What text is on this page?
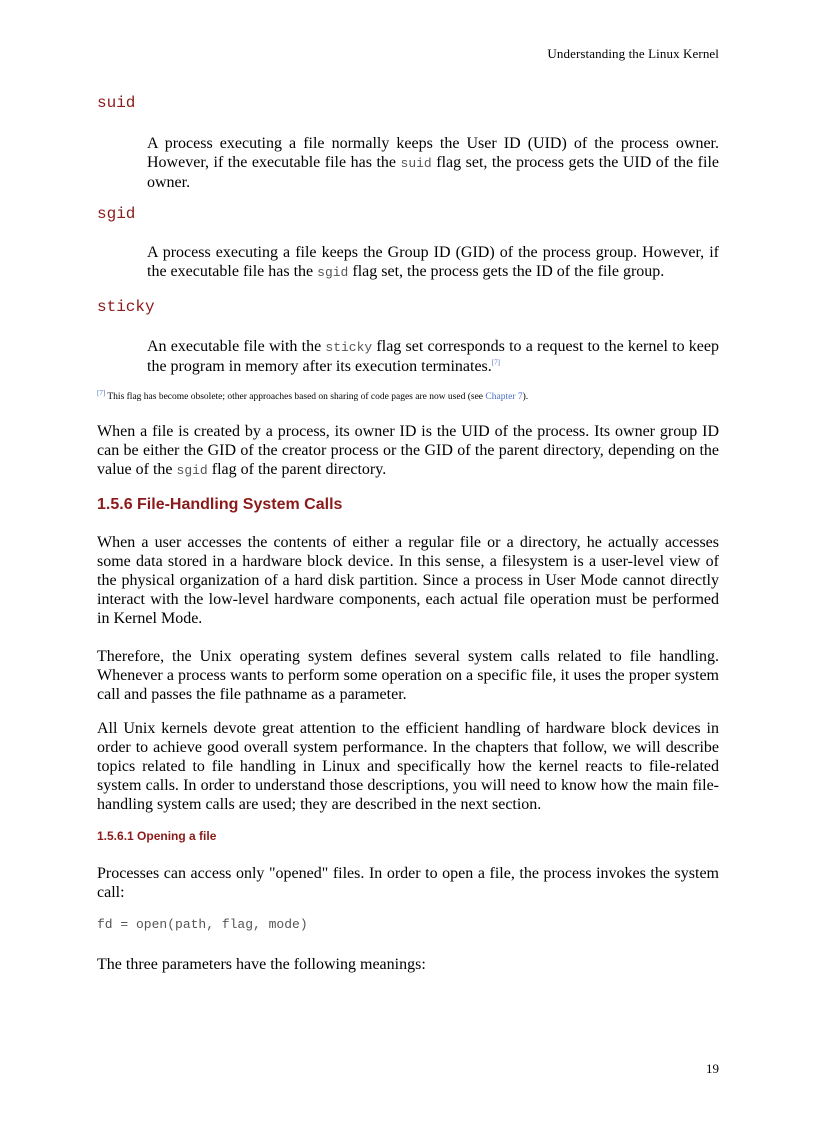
Understanding the Linux Kernel
suid
A process executing a file normally keeps the User ID (UID) of the process owner. However, if the executable file has the suid flag set, the process gets the UID of the file owner.
sgid
A process executing a file keeps the Group ID (GID) of the process group. However, if the executable file has the sgid flag set, the process gets the ID of the file group.
sticky
An executable file with the sticky flag set corresponds to a request to the kernel to keep the program in memory after its execution terminates.[7]
[7] This flag has become obsolete; other approaches based on sharing of code pages are now used (see Chapter 7).
When a file is created by a process, its owner ID is the UID of the process. Its owner group ID can be either the GID of the creator process or the GID of the parent directory, depending on the value of the sgid flag of the parent directory.
1.5.6 File-Handling System Calls
When a user accesses the contents of either a regular file or a directory, he actually accesses some data stored in a hardware block device. In this sense, a filesystem is a user-level view of the physical organization of a hard disk partition. Since a process in User Mode cannot directly interact with the low-level hardware components, each actual file operation must be performed in Kernel Mode.
Therefore, the Unix operating system defines several system calls related to file handling. Whenever a process wants to perform some operation on a specific file, it uses the proper system call and passes the file pathname as a parameter.
All Unix kernels devote great attention to the efficient handling of hardware block devices in order to achieve good overall system performance. In the chapters that follow, we will describe topics related to file handling in Linux and specifically how the kernel reacts to file-related system calls. In order to understand those descriptions, you will need to know how the main file-handling system calls are used; they are described in the next section.
1.5.6.1 Opening a file
Processes can access only "opened" files. In order to open a file, the process invokes the system call:
fd = open(path, flag, mode)
The three parameters have the following meanings:
19
